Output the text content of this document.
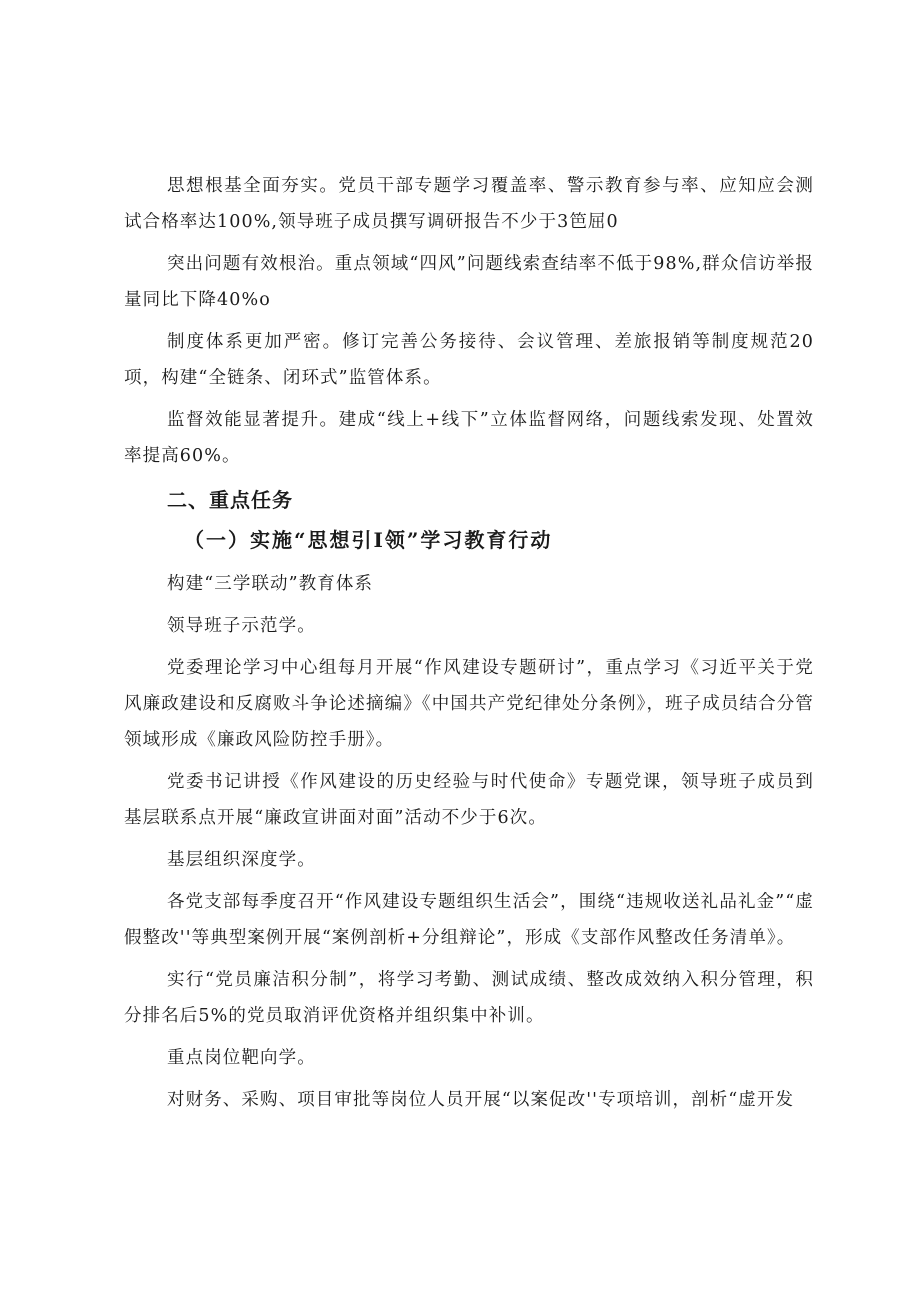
思想根基全面夯实。党员干部专题学习覆盖率、警示教育参与率、应知应会测试合格率达100%,领导班子成员撰写调研报告不少于3笆屈0

突出问题有效根治。重点领域“四风”问题线索查结率不低于98%,群众信访举报量同比下降40%o

制度体系更加严密。修订完善公务接待、会议管理、差旅报销等制度规范20项，构建“全链条、闭环式”监管体系。

监督效能显著提升。建成“线上+线下”立体监督网络，问题线索发现、处置效率提高60%。

二、重点任务
（一）实施“思想引I领”学习教育行动

构建“三学联动”教育体系

领导班子示范学。

党委理论学习中心组每月开展“作风建设专题研讨”，重点学习《习近平关于党风廉政建设和反腐败斗争论述摘编》《中国共产党纪律处分条例》，班子成员结合分管领域形成《廉政风险防控手册》。

党委书记讲授《作风建设的历史经验与时代使命》专题党课，领导班子成员到基层联系点开展“廉政宣讲面对面”活动不少于6次。

基层组织深度学。

各党支部每季度召开“作风建设专题组织生活会”，围绕“违规收送礼品礼金”“虚假整改''等典型案例开展“案例剖析+分组辩论”，形成《支部作风整改任务清单》。

实行“党员廉洁积分制”，将学习考勤、测试成绩、整改成效纳入积分管理，积分排名后5%的党员取消评优资格并组织集中补训。

重点岗位靶向学。

对财务、采购、项目审批等岗位人员开展“以案促改''专项培训，剖析“虚开发
